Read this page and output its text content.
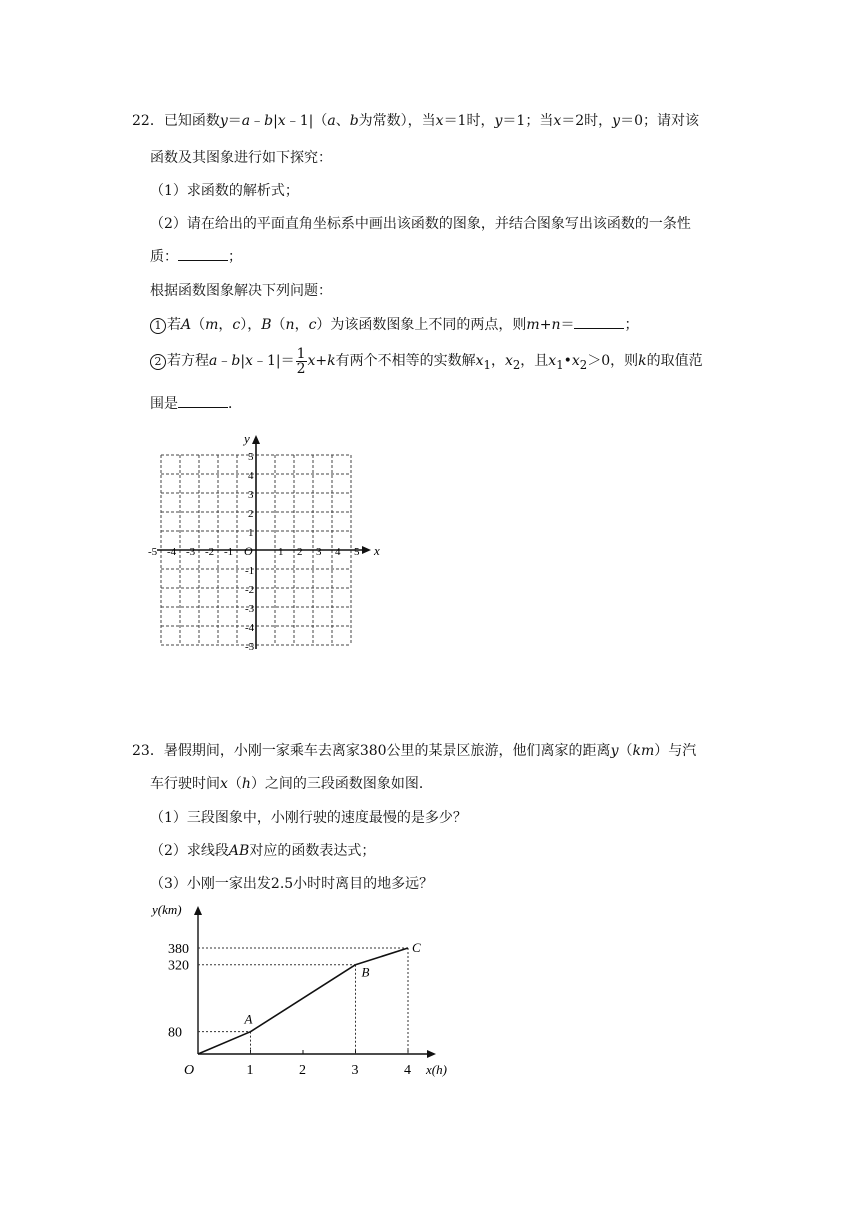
22．已知函数y＝a﹣b|x﹣1|（a、b为常数），当x＝1时，y＝1；当x＝2时，y＝0；请对该
函数及其图象进行如下探究：
（1）求函数的解析式；
（2）请在给出的平面直角坐标系中画出该函数的图象，并结合图象写出该函数的一条性
质：	；
根据函数图象解决下列问题：
1 若A（m，c），B（n，c）为该函数图象上不同的两点，则m+n＝	；
2 若方程a﹣b|x﹣1|＝ $\frac{1}{2} x+k$有两个不相等的实数解$x_1$，$x_2$，且$x_1•x_2>0$，则k的取值范
围是	．
x
y
O
-5 -4 -3 -2 -1	1 2 3 4 5
5
4
3
2
1
-1
-2
-3
-4
-5
23．暑假期间，小刚一家乘车去离家380公里的某景区旅游，他们离家的距离y（km）与汽
车行驶时间x（h）之间的三段函数图象如图．
（1）三段图象中，小刚行驶的速度最慢的是多少？
（2）求线段AB对应的函数表达式；
（3）小刚一家出发2.5小时时离目的地多远？
y(km)
x(h)
O	1	2	3	4
80
320
380
A
B
C
